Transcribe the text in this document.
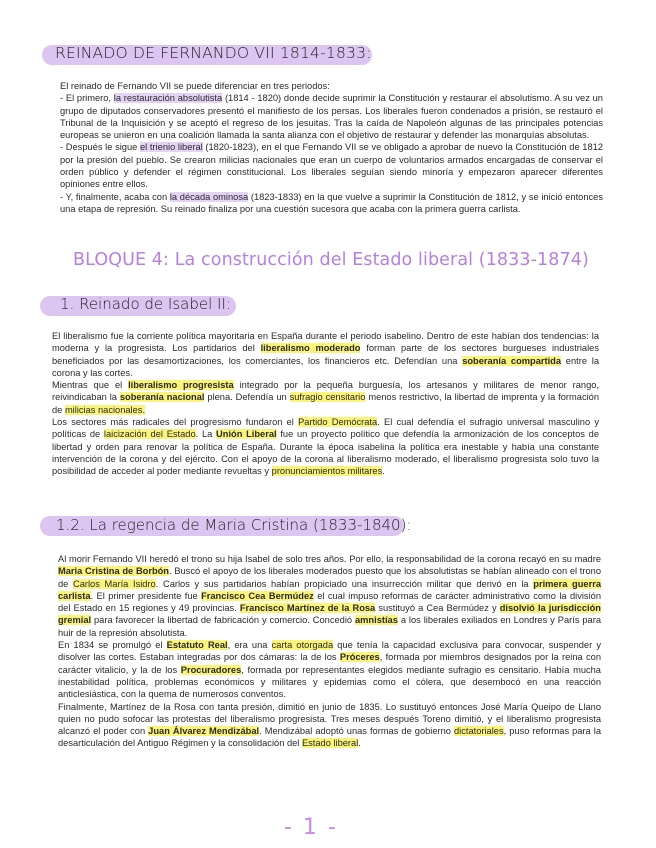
REINADO DE FERNANDO VII 1814-1833:

El reinado de Fernando VII se puede diferenciar en tres periodos:

- El primero, la restauración absolutista (1814 - 1820) donde decide suprimir la Constitución y restaurar el absolutismo. A su vez un grupo de diputados conservadores presentó el manifiesto de los persas. Los liberales fueron condenados a prisión, se restauró el Tribunal de la Inquisición y se aceptó el regreso de los jesuitas. Tras la caída de Napoleón algunas de las principales potencias europeas se unieron en una coalición llamada la santa alianza con el objetivo de restaurar y defender las monarquías absolutas.

- Después le sigue el trienio liberal (1820-1823), en el que Fernando VII se ve obligado a aprobar de nuevo la Constitución de 1812 por la presión del pueblo. Se crearon milicias nacionales que eran un cuerpo de voluntarios armados encargadas de conservar el orden público y defender el régimen constitucional. Los liberales seguían siendo minoría y empezaron aparecer diferentes opiniones entre ellos.

- Y, finalmente, acaba con la década ominosa (1823-1833) en la que vuelve a suprimir la Constitución de 1812, y se inició entonces una etapa de represión. Su reinado finaliza por una cuestión sucesora que acaba con la primera guerra carlista.

BLOQUE 4: La construcción del Estado liberal (1833-1874)
1. Reinado de Isabel II:

El liberalismo fue la corriente política mayoritaria en España durante el periodo isabelino. Dentro de este habían dos tendencias: la moderna y la progresista. Los partidarios del liberalismo moderado forman parte de los sectores burgueses industriales beneficiados por las desamortizaciones, los comerciantes, los financieros etc. Defendían una soberanía compartida entre la corona y las cortes.

Mientras que el liberalismo progresista integrado por la pequeña burguesía, los artesanos y militares de menor rango, reivindicaban la soberanía nacional plena. Defendía un sufragio censitario menos restrictivo, la libertad de imprenta y la formación de milicias nacionales.

Los sectores más radicales del progresismo fundaron el Partido Demócrata. El cual defendía el sufragio universal masculino y políticas de laicización del Estado. La Unión Liberal fue un proyecto político que defendía la armonización de los conceptos de libertad y orden para renovar la política de España. Durante la época isabelina la política era inestable y había una constante intervención de la corona y del ejército. Con el apoyo de la corona al liberalismo moderado, el liberalismo progresista solo tuvo la posibilidad de acceder al poder mediante revueltas y pronunciamientos militares.

1.2. La regencia de Maria Cristina (1833-1840):

Al morir Fernando VII heredó el trono su hija Isabel de solo tres años. Por ello, la responsabilidad de la corona recayó en su madre Maria Cristina de Borbón. Buscó el apoyo de los liberales moderados puesto que los absolutistas se habían alineado con el trono de Carlos María Isidro. Carlos y sus partidarios habían propiciado una insurrección militar que derivó en la primera guerra carlista. El primer presidente fue Francisco Cea Bermúdez el cual impuso reformas de carácter administrativo como la división del Estado en 15 regiones y 49 provincias. Francisco Martínez de la Rosa sustituyó a Cea Bermúdez y disolvió la jurisdicción gremial para favorecer la libertad de fabricación y comercio. Concedió amnistías a los liberales exiliados en Londres y París para huir de la represión absolutista.

En 1834 se promulgó el Estatuto Real, era una carta otorgada que tenía la capacidad exclusiva para convocar, suspender y disolver las cortes. Estaban integradas por dos cámaras: la de los Próceres, formada por miembros designados por la reina con carácter vitalicio, y la de los Procuradores, formada por representantes elegidos mediante sufragio es censitario. Había mucha inestabilidad política, problemas económicos y militares y epidemias como el cólera, que desembocó en una reacción anticlesiástica, con la quema de numerosos conventos.

Finalmente, Martínez de la Rosa con tanta presión, dimitió en junio de 1835. Lo sustituyó entonces José María Queipo de Llano quien no pudo sofocar las protestas del liberalismo progresista. Tres meses después Toreno dimitió, y el liberalismo progresista alcanzó el poder con Juan Álvarez Mendizábal. Mendizábal adoptó unas formas de gobierno dictatoriales, puso reformas para la desarticulación del Antiguo Régimen y la consolidación del Estado liberal.

- 1 -
